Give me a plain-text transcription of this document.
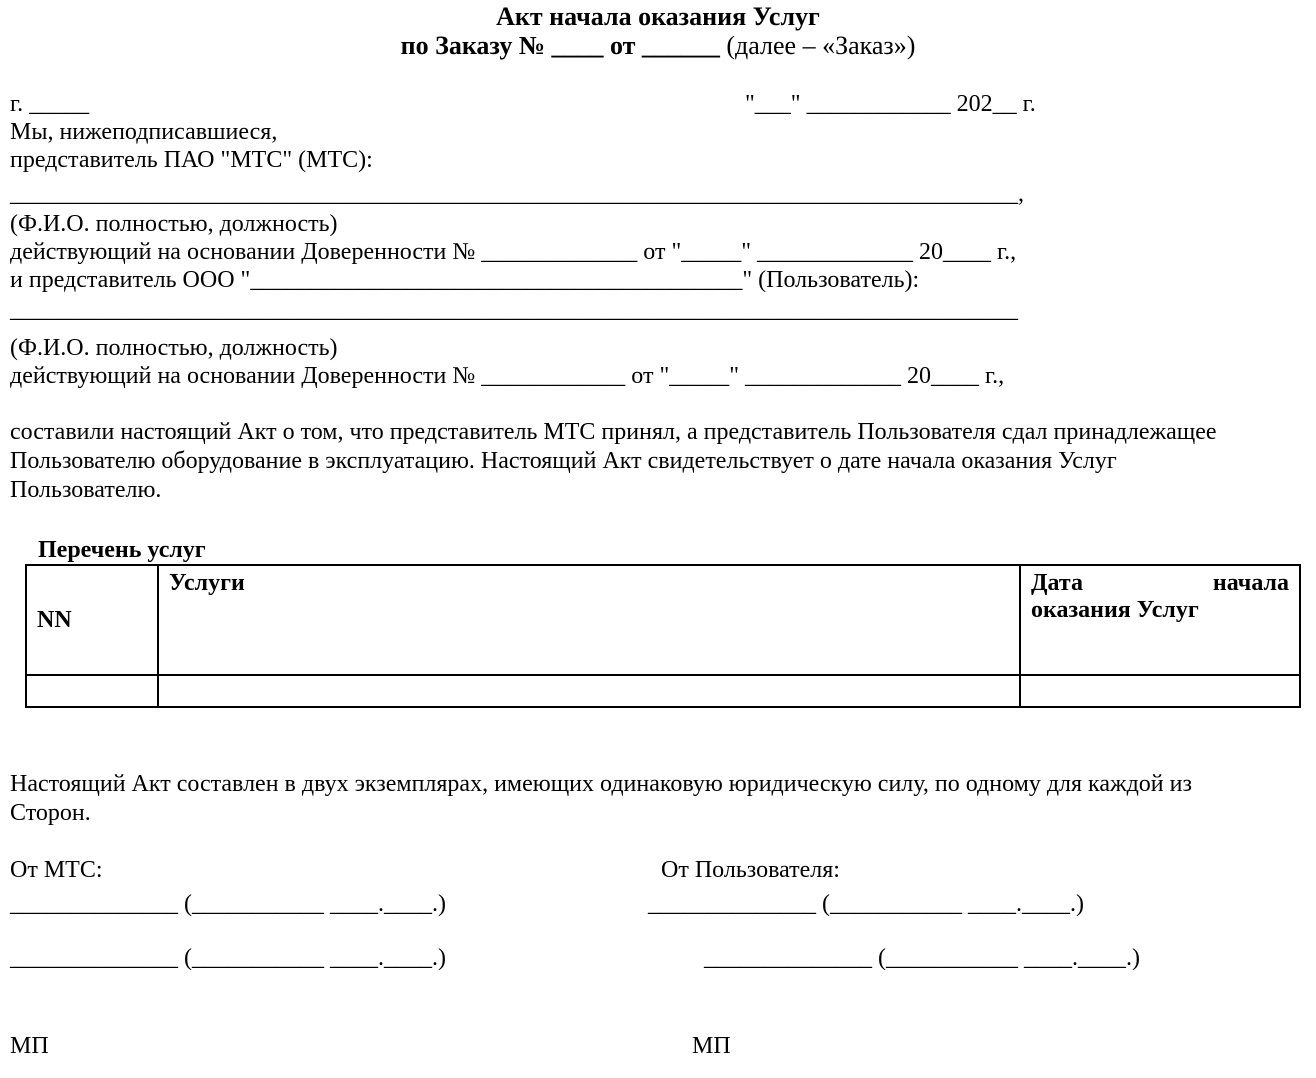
Акт начала оказания Услуг
по Заказу № ____ от ______ (далее – «Заказ»)
г. _____	"___" ____________ 202__ г.
Мы, нижеподписавшиеся,
представитель ПАО "МТС" (МТС):
____________________________________________________________________________________,
(Ф.И.О. полностью, должность)
действующий на основании Доверенности № _____________ от "_____" _____________ 20____ г.,
и представитель ООО "_________________________________________" (Пользователь):
____________________________________________________________________________________
(Ф.И.О. полностью, должность)
действующий на основании Доверенности № ____________ от "_____" _____________ 20____ г.,
составили настоящий Акт о том, что представитель МТС принял, а представитель Пользователя сдал принадлежащее Пользователю оборудование в эксплуатацию. Настоящий Акт свидетельствует о дате начала оказания Услуг Пользователю.
Перечень услуг
NN	Услуги	Дата начала
оказания Услуг

Настоящий Акт составлен в двух экземплярах, имеющих одинаковую юридическую силу, по одному для каждой из Сторон.
От МТС:	От Пользователя:
______________ (___________ ____.____.)	______________ (___________ ____.____.)
______________ (___________ ____.____.)	______________ (___________ ____.____.)
МП	МП
